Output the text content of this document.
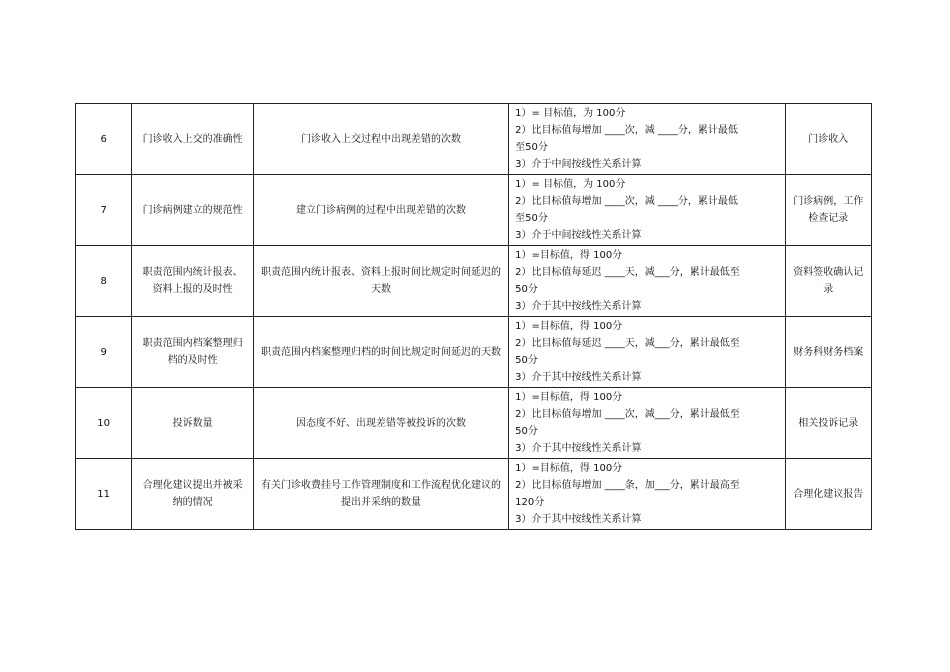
6	门诊收入上交的准确性	门诊收入上交过程中出现差错的次数	1）= 目标值，为 100分
2）比目标值每增加 ____次，减 ____分，累计最低
至50分
3）介于中间按线性关系计算	门诊收入
7	门诊病例建立的规范性	建立门诊病例的过程中出现差错的次数	1）= 目标值，为 100分
2）比目标值每增加 ____次，减 ____分，累计最低
至50分
3）介于中间按线性关系计算	门诊病例，工作检查记录
8	职责范围内统计报表、资料上报的及时性	职责范围内统计报表、资料上报时间比规定时间延迟的天数	1）=目标值，得 100分
2）比目标值每延迟 ____天，减___分，累计最低至
50分
3）介于其中按线性关系计算	资料签收确认记录
9	职责范围内档案整理归档的及时性	职责范围内档案整理归档的时间比规定时间延迟的天数	1）=目标值，得 100分
2）比目标值每延迟 ____天，减___分，累计最低至
50分
3）介于其中按线性关系计算	财务科财务档案
10	投诉数量	因态度不好、出现差错等被投诉的次数	1）=目标值，得 100分
2）比目标值每增加 ____次，减___分，累计最低至
50分
3）介于其中按线性关系计算	相关投诉记录
11	合理化建议提出并被采纳的情况	有关门诊收费挂号工作管理制度和工作流程优化建议的提出并采纳的数量	1）=目标值，得 100分
2）比目标值每增加 ____条，加___分，累计最高至
120分
3）介于其中按线性关系计算	合理化建议报告
